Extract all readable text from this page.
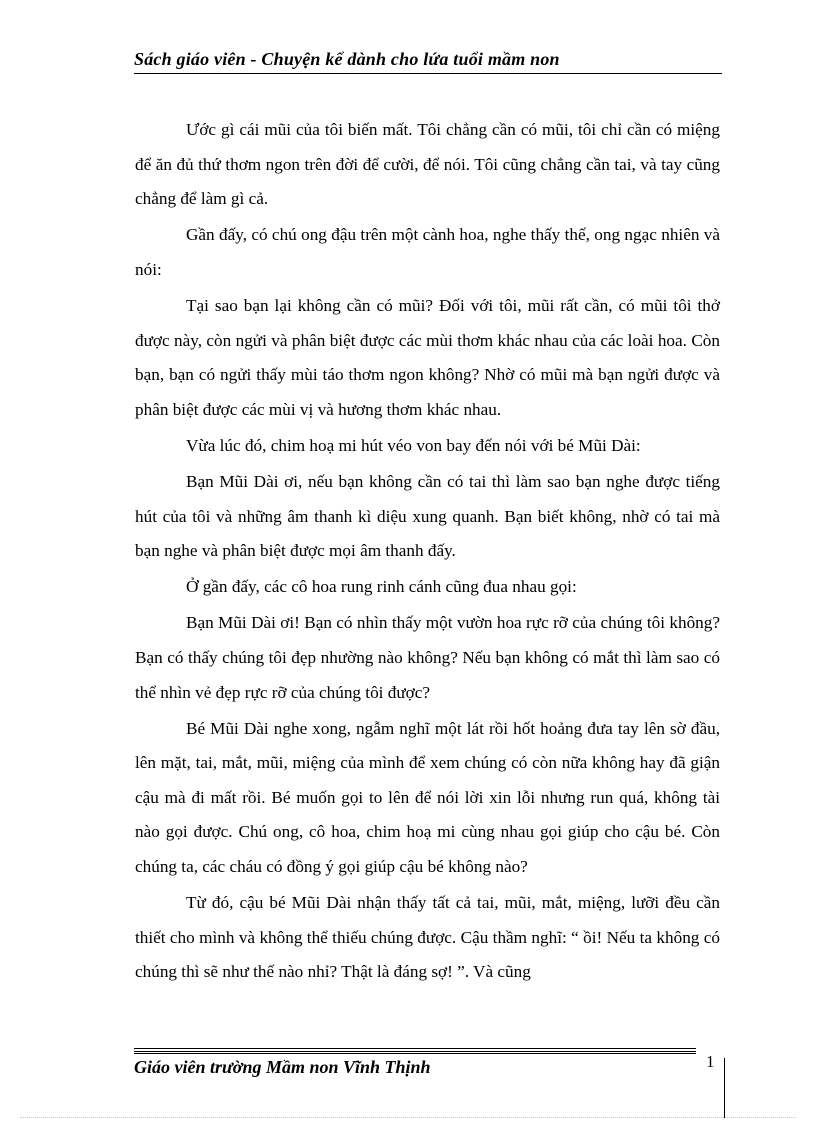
Sách giáo viên - Chuyện kể dành cho lứa tuổi mầm non

Ước gì cái mũi của tôi biến mất. Tôi chẳng cần có mũi, tôi chỉ cần có miệng để ăn đủ thứ thơm ngon trên đời để cười, để nói. Tôi cũng chẳng cần tai, và tay cũng chẳng để làm gì cả.

Gần đấy, có chú ong đậu trên một cành hoa, nghe thấy thế, ong ngạc nhiên và nói:

Tại sao bạn lại không cần có mũi? Đối với tôi, mũi rất cần, có mũi tôi thở được này, còn ngửi và phân biệt được các mùi thơm khác nhau của các loài hoa. Còn bạn, bạn có ngửi thấy mùi táo thơm ngon không? Nhờ có mũi mà bạn ngửi được và phân biệt được các mùi vị và hương thơm khác nhau.

Vừa lúc đó, chim hoạ mi hút véo von bay đến nói với bé Mũi Dài:

Bạn Mũi Dài ơi, nếu bạn không cần có tai thì làm sao bạn nghe được tiếng hút của tôi và những âm thanh kì diệu xung quanh. Bạn biết không, nhờ có tai mà bạn nghe và phân biệt được mọi âm thanh đấy.

Ở gần đấy, các cô hoa rung rinh cánh cũng đua nhau gọi:

Bạn Mũi Dài ơi! Bạn có nhìn thấy một vườn hoa rực rỡ của chúng tôi không? Bạn có thấy chúng tôi đẹp nhường nào không? Nếu bạn không có mắt thì làm sao có thể nhìn vẻ đẹp rực rỡ của chúng tôi được?

Bé Mũi Dài nghe xong, ngẫm nghĩ một lát rồi hốt hoảng đưa tay lên sờ đầu, lên mặt, tai, mắt, mũi, miệng của mình để xem chúng có còn nữa không hay đã giận cậu mà đi mất rồi. Bé muốn gọi to lên để nói lời xin lỗi nhưng run quá, không tài nào gọi được. Chú ong, cô hoa, chim hoạ mi cùng nhau gọi giúp cho cậu bé. Còn chúng ta, các cháu có đồng ý gọi giúp cậu bé không nào?

Từ đó, cậu bé Mũi Dài nhận thấy tất cả tai, mũi, mắt, miệng, lưỡi đều cần thiết cho mình và không thể thiếu chúng được. Cậu thầm nghĩ: “ ồi! Nếu ta không có chúng thì sẽ như thế nào nhỉ? Thật là đáng sợ! ”. Và cũng

Giáo viên trường Mầm non Vĩnh Thịnh	1
